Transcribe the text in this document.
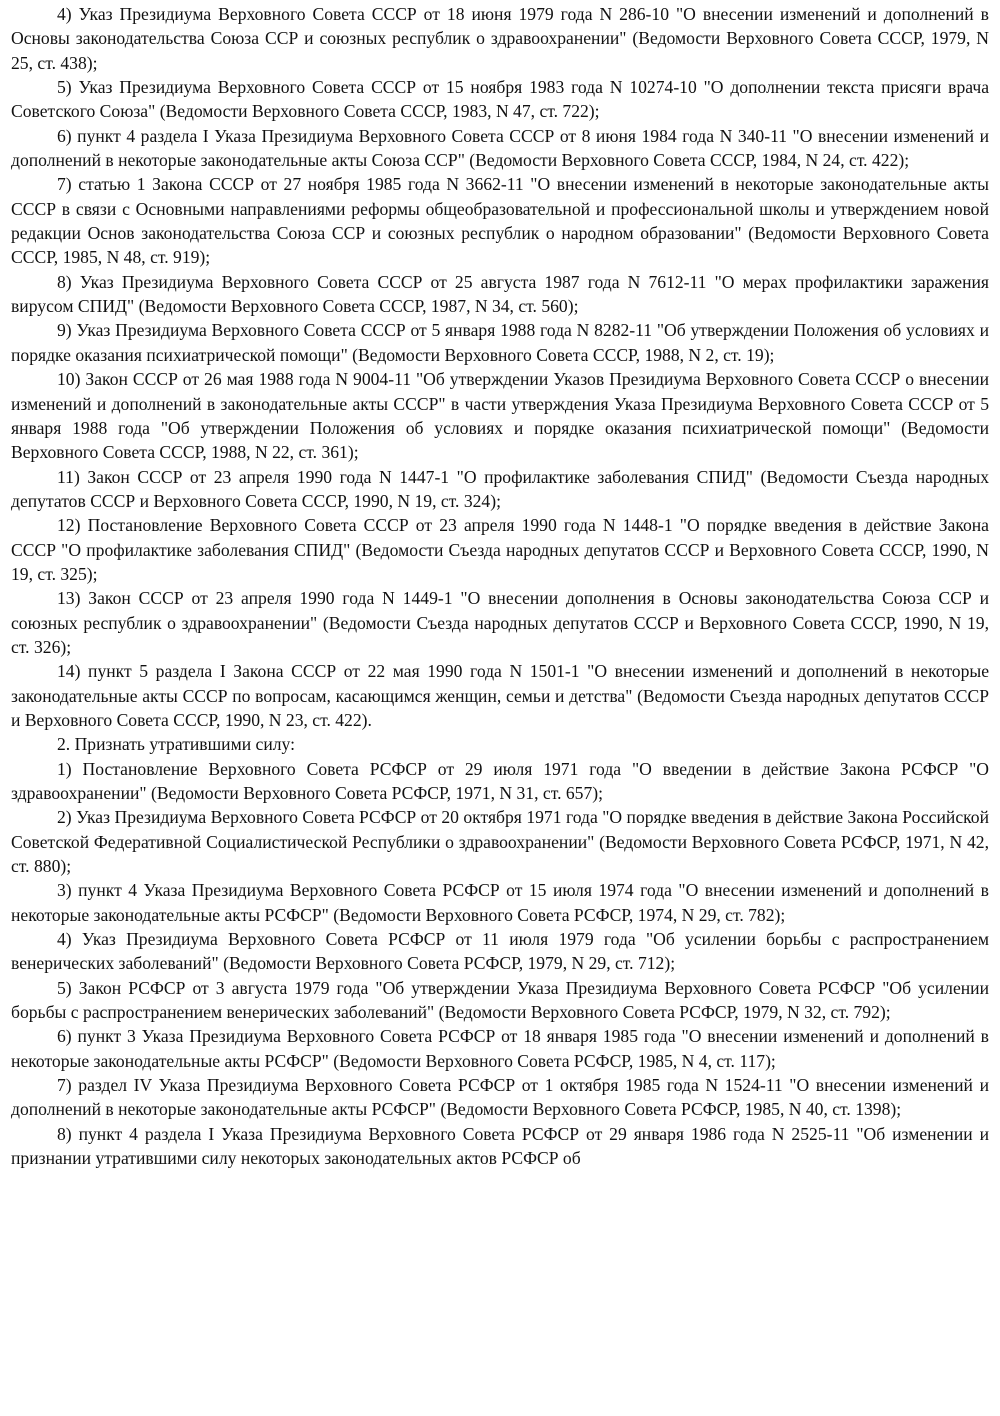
4) Указ Президиума Верховного Совета СССР от 18 июня 1979 года N 286-10 "О внесении изменений и дополнений в Основы законодательства Союза ССР и союзных республик о здравоохранении" (Ведомости Верховного Совета СССР, 1979, N 25, ст. 438);

5) Указ Президиума Верховного Совета СССР от 15 ноября 1983 года N 10274-10 "О дополнении текста присяги врача Советского Союза" (Ведомости Верховного Совета СССР, 1983, N 47, ст. 722);

6) пункт 4 раздела I Указа Президиума Верховного Совета СССР от 8 июня 1984 года N 340-11 "О внесении изменений и дополнений в некоторые законодательные акты Союза ССР" (Ведомости Верховного Совета СССР, 1984, N 24, ст. 422);

7) статью 1 Закона СССР от 27 ноября 1985 года N 3662-11 "О внесении изменений в некоторые законодательные акты СССР в связи с Основными направлениями реформы общеобразовательной и профессиональной школы и утверждением новой редакции Основ законодательства Союза ССР и союзных республик о народном образовании" (Ведомости Верховного Совета СССР, 1985, N 48, ст. 919);

8) Указ Президиума Верховного Совета СССР от 25 августа 1987 года N 7612-11 "О мерах профилактики заражения вирусом СПИД" (Ведомости Верховного Совета СССР, 1987, N 34, ст. 560);

9) Указ Президиума Верховного Совета СССР от 5 января 1988 года N 8282-11 "Об утверждении Положения об условиях и порядке оказания психиатрической помощи" (Ведомости Верховного Совета СССР, 1988, N 2, ст. 19);

10) Закон СССР от 26 мая 1988 года N 9004-11 "Об утверждении Указов Президиума Верховного Совета СССР о внесении изменений и дополнений в законодательные акты СССР" в части утверждения Указа Президиума Верховного Совета СССР от 5 января 1988 года "Об утверждении Положения об условиях и порядке оказания психиатрической помощи" (Ведомости Верховного Совета СССР, 1988, N 22, ст. 361);

11) Закон СССР от 23 апреля 1990 года N 1447-1 "О профилактике заболевания СПИД" (Ведомости Съезда народных депутатов СССР и Верховного Совета СССР, 1990, N 19, ст. 324);

12) Постановление Верховного Совета СССР от 23 апреля 1990 года N 1448-1 "О порядке введения в действие Закона СССР "О профилактике заболевания СПИД" (Ведомости Съезда народных депутатов СССР и Верховного Совета СССР, 1990, N 19, ст. 325);

13) Закон СССР от 23 апреля 1990 года N 1449-1 "О внесении дополнения в Основы законодательства Союза ССР и союзных республик о здравоохранении" (Ведомости Съезда народных депутатов СССР и Верховного Совета СССР, 1990, N 19, ст. 326);

14) пункт 5 раздела I Закона СССР от 22 мая 1990 года N 1501-1 "О внесении изменений и дополнений в некоторые законодательные акты СССР по вопросам, касающимся женщин, семьи и детства" (Ведомости Съезда народных депутатов СССР и Верховного Совета СССР, 1990, N 23, ст. 422).

2. Признать утратившими силу:

1) Постановление Верховного Совета РСФСР от 29 июля 1971 года "О введении в действие Закона РСФСР "О здравоохранении" (Ведомости Верховного Совета РСФСР, 1971, N 31, ст. 657);

2) Указ Президиума Верховного Совета РСФСР от 20 октября 1971 года "О порядке введения в действие Закона Российской Советской Федеративной Социалистической Республики о здравоохранении" (Ведомости Верховного Совета РСФСР, 1971, N 42, ст. 880);

3) пункт 4 Указа Президиума Верховного Совета РСФСР от 15 июля 1974 года "О внесении изменений и дополнений в некоторые законодательные акты РСФСР" (Ведомости Верховного Совета РСФСР, 1974, N 29, ст. 782);

4) Указ Президиума Верховного Совета РСФСР от 11 июля 1979 года "Об усилении борьбы с распространением венерических заболеваний" (Ведомости Верховного Совета РСФСР, 1979, N 29, ст. 712);

5) Закон РСФСР от 3 августа 1979 года "Об утверждении Указа Президиума Верховного Совета РСФСР "Об усилении борьбы с распространением венерических заболеваний" (Ведомости Верховного Совета РСФСР, 1979, N 32, ст. 792);

6) пункт 3 Указа Президиума Верховного Совета РСФСР от 18 января 1985 года "О внесении изменений и дополнений в некоторые законодательные акты РСФСР" (Ведомости Верховного Совета РСФСР, 1985, N 4, ст. 117);

7) раздел IV Указа Президиума Верховного Совета РСФСР от 1 октября 1985 года N 1524-11 "О внесении изменений и дополнений в некоторые законодательные акты РСФСР" (Ведомости Верховного Совета РСФСР, 1985, N 40, ст. 1398);

8) пункт 4 раздела I Указа Президиума Верховного Совета РСФСР от 29 января 1986 года N 2525-11 "Об изменении и признании утратившими силу некоторых законодательных актов РСФСР об
